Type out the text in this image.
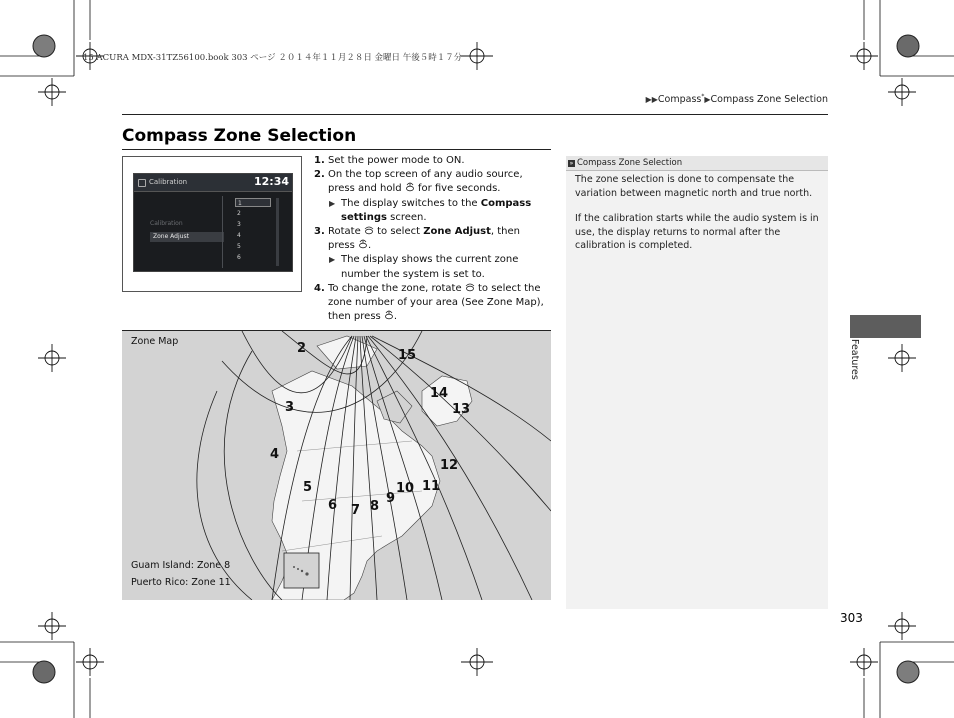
15 ACURA MDX-31TZ56100.book 303 ページ ２０１４年１１月２８日 金曜日 午後５時１７分
▶▶Compass*▶Compass Zone Selection
Compass Zone Selection
Calibration	12:34
Calibration
Zone Adjust
1
2
3
4
5
6
1. Set the power mode to ON.
2. On the top screen of any audio source,
press and hold  for five seconds.
▶ The display switches to the Compass
settings screen.
3. Rotate  to select Zone Adjust, then
press .
▶ The display shows the current zone
number the system is set to.
4. To change the zone, rotate  to select the
zone number of your area (See Zone Map),
then press .
Zone Map
Guam Island: Zone 8
Puerto Rico: Zone 11
2
3
4
5
6 7 8
9
10 11
12
13
14
15
» Compass Zone Selection
The zone selection is done to compensate the variation between magnetic north and true north.
If the calibration starts while the audio system is in use, the display returns to normal after the calibration is completed.
303
Features
